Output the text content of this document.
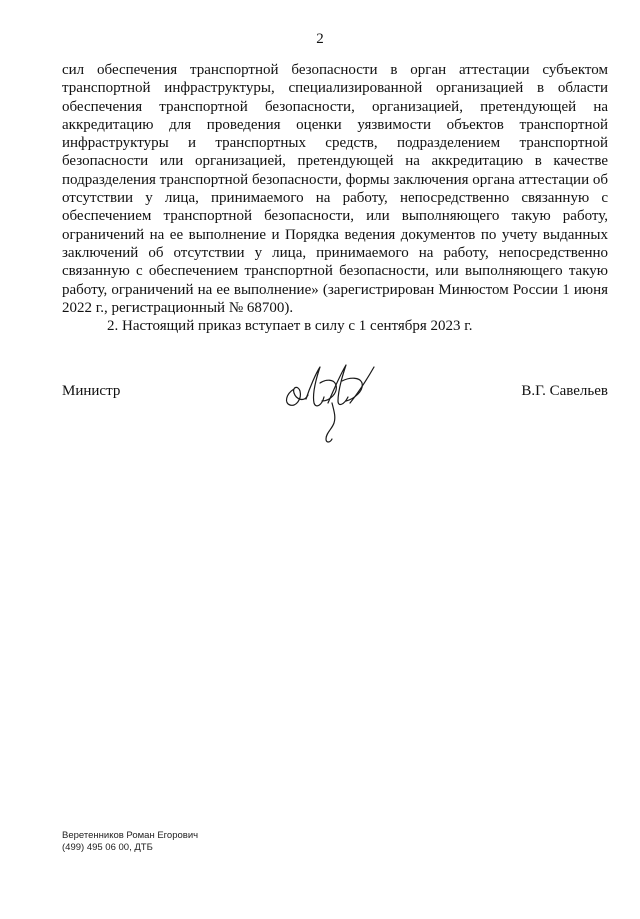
2

сил обеспечения транспортной безопасности в орган аттестации субъектом транспортной инфраструктуры, специализированной организацией в области обеспечения транспортной безопасности, организацией, претендующей на аккредитацию для проведения оценки уязвимости объектов транспортной инфраструктуры и транспортных средств, подразделением транспортной безопасности или организацией, претендующей на аккредитацию в качестве подразделения транспортной безопасности, формы заключения органа аттестации об отсутствии у лица, принимаемого на работу, непосредственно связанную с обеспечением транспортной безопасности, или выполняющего такую работу, ограничений на ее выполнение и Порядка ведения документов по учету выданных заключений об отсутствии у лица, принимаемого на работу, непосредственно связанную с обеспечением транспортной безопасности, или выполняющего такую работу, ограничений на ее выполнение» (зарегистрирован Минюстом России 1 июня 2022 г., регистрационный № 68700).

2. Настоящий приказ вступает в силу с 1 сентября 2023 г.

Министр	В.Г. Савельев
Веретенников Роман Егорович
(499) 495 06 00, ДТБ
